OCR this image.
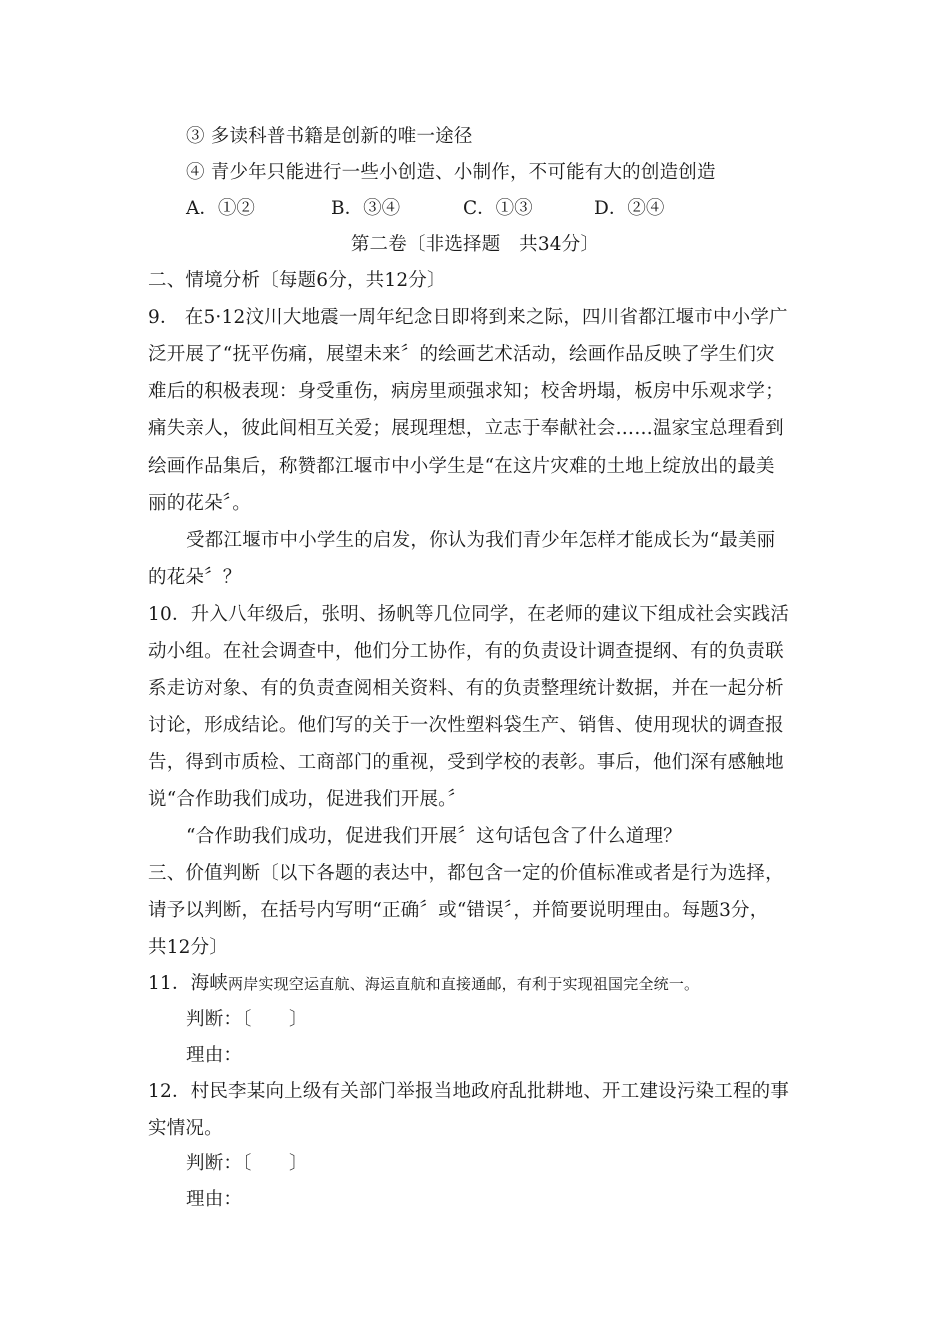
③ 多读科普书籍是创新的唯一途径
④ 青少年只能进行一些小创造、小制作，不可能有大的创造创造
A．①②	B．③④	C．①③	D．②④
第二卷〔非选择题　共34分〕
二、情境分析〔每题6分，共12分〕
9． 在5·12汶川大地震一周年纪念日即将到来之际，四川省都江堰市中小学广
泛开展了“抚平伤痛，展望未来〞的绘画艺术活动，绘画作品反映了学生们灾
难后的积极表现：身受重伤，病房里顽强求知；校舍坍塌，板房中乐观求学；
痛失亲人，彼此间相互关爱；展现理想，立志于奉献社会……温家宝总理看到
绘画作品集后，称赞都江堰市中小学生是“在这片灾难的土地上绽放出的最美
丽的花朵〞。
受都江堰市中小学生的启发，你认为我们青少年怎样才能成长为“最美丽
的花朵〞？
10．升入八年级后，张明、扬帆等几位同学，在老师的建议下组成社会实践活
动小组。在社会调查中，他们分工协作，有的负责设计调查提纲、有的负责联
系走访对象、有的负责查阅相关资料、有的负责整理统计数据，并在一起分析
讨论，形成结论。他们写的关于一次性塑料袋生产、销售、使用现状的调查报
告，得到市质检、工商部门的重视，受到学校的表彰。事后，他们深有感触地
说“合作助我们成功，促进我们开展。〞
“合作助我们成功，促进我们开展〞这句话包含了什么道理？
三、价值判断〔以下各题的表达中，都包含一定的价值标准或者是行为选择，
请予以判断，在括号内写明“正确〞或“错误〞，并简要说明理由。每题3分，
共12分〕
11．海峡两岸实现空运直航、海运直航和直接通邮，有利于实现祖国完全统一。
判断：〔　　〕
理由：
12．村民李某向上级有关部门举报当地政府乱批耕地、开工建设污染工程的事
实情况。
判断：〔　　〕
理由：
